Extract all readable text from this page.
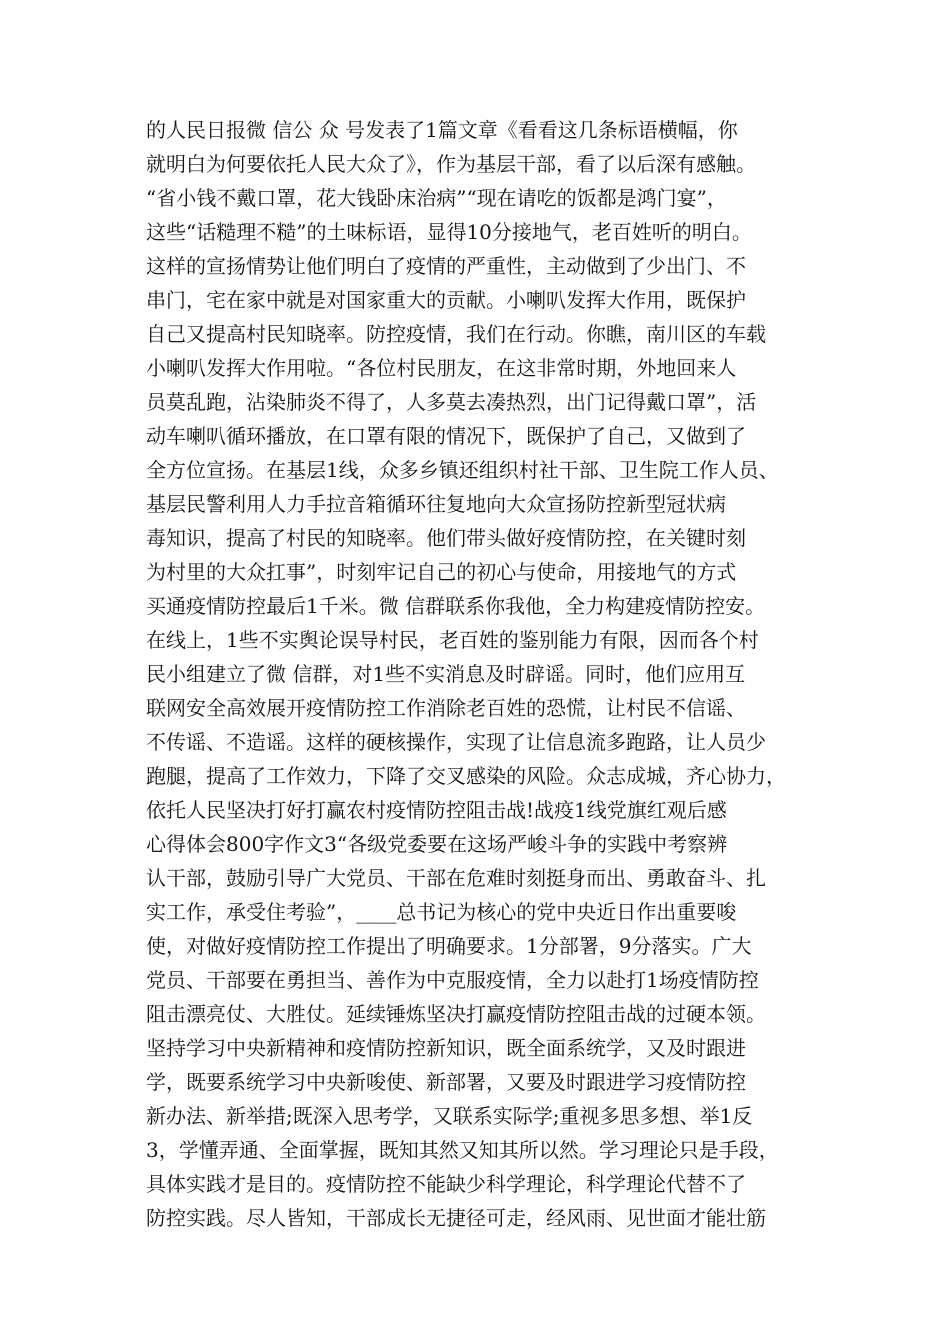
的人民日报微 信公 众 号发表了1篇文章《看看这几条标语横幅，你
就明白为何要依托人民大众了》，作为基层干部，看了以后深有感触。
“省小钱不戴口罩，花大钱卧床治病”“现在请吃的饭都是鸿门宴”，
这些“话糙理不糙”的土味标语，显得10分接地气，老百姓听的明白。
这样的宣扬情势让他们明白了疫情的严重性，主动做到了少出门、不
串门，宅在家中就是对国家重大的贡献。小喇叭发挥大作用，既保护
自己又提高村民知晓率。防控疫情，我们在行动。你瞧，南川区的车载
小喇叭发挥大作用啦。“各位村民朋友，在这非常时期，外地回来人
员莫乱跑，沾染肺炎不得了，人多莫去凑热烈，出门记得戴口罩”，活
动车喇叭循环播放，在口罩有限的情况下，既保护了自己，又做到了
全方位宣扬。在基层1线，众多乡镇还组织村社干部、卫生院工作人员、
基层民警利用人力手拉音箱循环往复地向大众宣扬防控新型冠状病
毒知识，提高了村民的知晓率。他们带头做好疫情防控，在关键时刻
为村里的大众扛事”，时刻牢记自己的初心与使命，用接地气的方式
买通疫情防控最后1千米。微 信群联系你我他，全力构建疫情防控安。
在线上，1些不实舆论误导村民，老百姓的鉴别能力有限，因而各个村
民小组建立了微 信群，对1些不实消息及时辟谣。同时，他们应用互
联网安全高效展开疫情防控工作消除老百姓的恐慌，让村民不信谣、
不传谣、不造谣。这样的硬核操作，实现了让信息流多跑路，让人员少
跑腿，提高了工作效力，下降了交叉感染的风险。众志成城，齐心协力，
依托人民坚决打好打赢农村疫情防控阻击战!战疫1线党旗红观后感
心得体会800字作文3“各级党委要在这场严峻斗争的实践中考察辨
认干部，鼓励引导广大党员、干部在危难时刻挺身而出、勇敢奋斗、扎
实工作，承受住考验”，____总书记为核心的党中央近日作出重要唆
使，对做好疫情防控工作提出了明确要求。1分部署，9分落实。广大
党员、干部要在勇担当、善作为中克服疫情，全力以赴打1场疫情防控
阻击漂亮仗、大胜仗。延续锤炼坚决打赢疫情防控阻击战的过硬本领。
坚持学习中央新精神和疫情防控新知识，既全面系统学，又及时跟进
学，既要系统学习中央新唆使、新部署，又要及时跟进学习疫情防控
新办法、新举措;既深入思考学，又联系实际学;重视多思多想、举1反
3，学懂弄通、全面掌握，既知其然又知其所以然。学习理论只是手段，
具体实践才是目的。疫情防控不能缺少科学理论，科学理论代替不了
防控实践。尽人皆知，干部成长无捷径可走，经风雨、见世面才能壮筋
